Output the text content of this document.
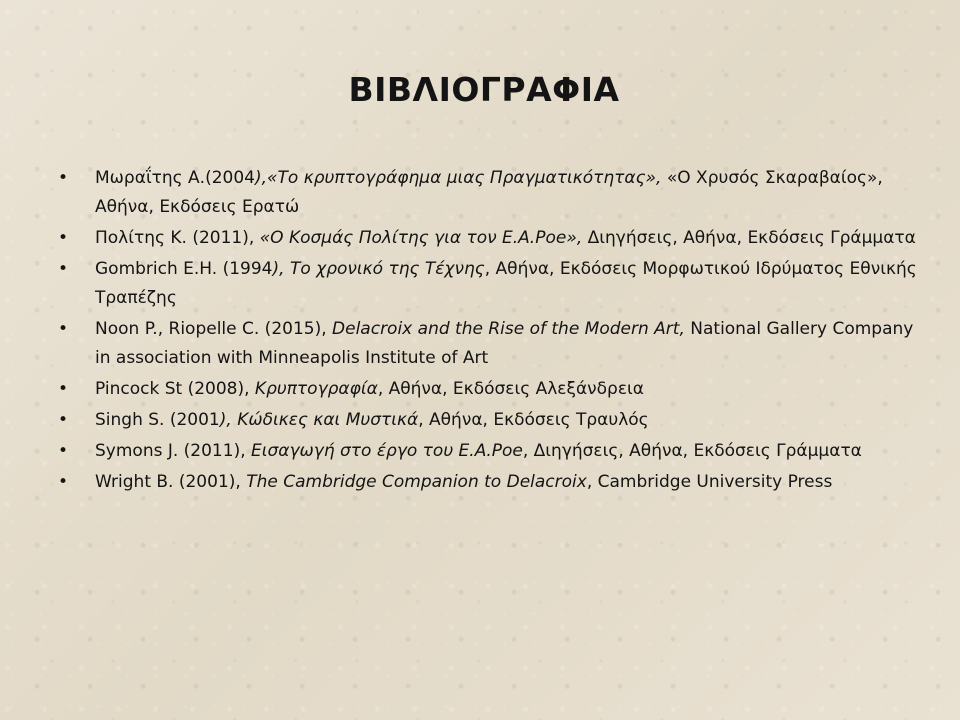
ΒΙΒΛΙΟΓΡΑΦΙΑ
• Μωραΐτης Α.(2004),«Το κρυπτογράφημα μιας Πραγματικότητας», «Ο Χρυσός Σκαραβαίος», Αθήνα, Εκδόσεις Ερατώ
• Πολίτης Κ. (2011), «Ο Κοσμάς Πολίτης για τον Ε.Α.Poe», Διηγήσεις, Αθήνα, Εκδόσεις Γράμματα
• Gombrich E.H. (1994), Το χρονικό της Τέχνης, Αθήνα, Εκδόσεις Μορφωτικού Ιδρύματος Εθνικής Τραπέζης
• Noon P., Riopelle C. (2015), Delacroix and the Rise of the Modern Art, National Gallery Company in association with Minneapolis Institute of Art
• Pincock St (2008), Κρυπτογραφία, Αθήνα, Εκδόσεις Αλεξάνδρεια
• Singh S. (2001), Κώδικες και Μυστικά, Αθήνα, Εκδόσεις Τραυλός
• Symons J. (2011), Εισαγωγή στο έργο του Ε.Α.Poe, Διηγήσεις, Αθήνα, Εκδόσεις Γράμματα
• Wright B. (2001), The Cambridge Companion to Delacroix, Cambridge University Press
